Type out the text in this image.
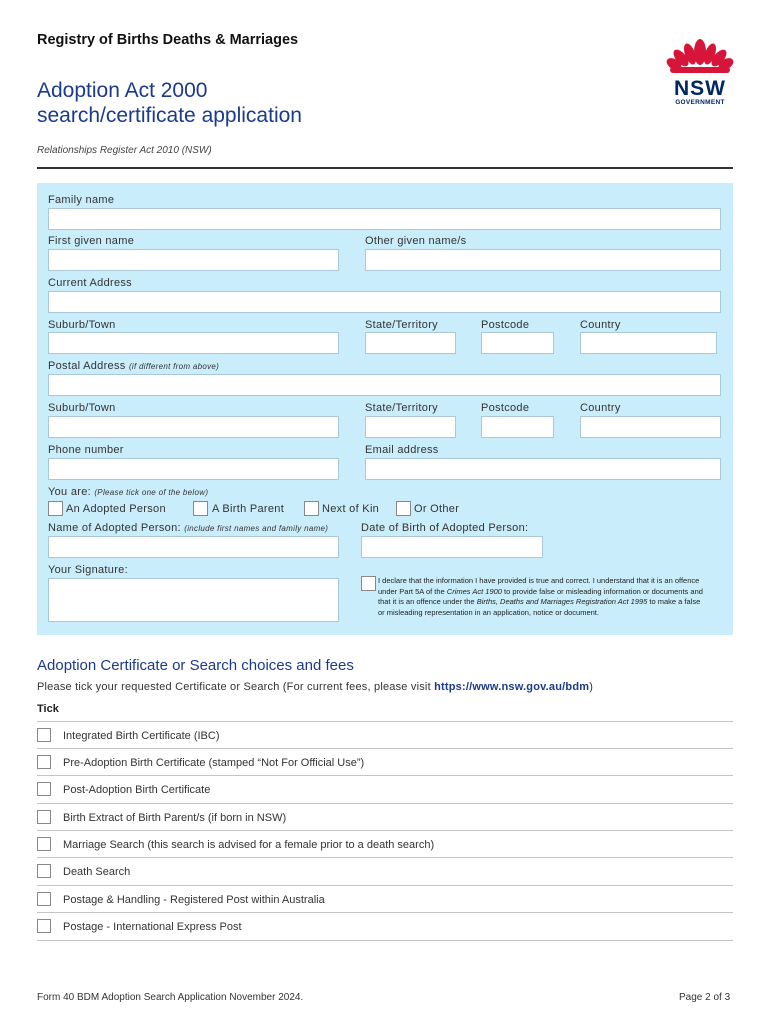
Registry of Births Deaths & Marriages
Adoption Act 2000
search/certificate application
Relationships Register Act 2010 (NSW)
NSW
GOVERNMENT
Family name
First given name	Other given name/s
Current Address
Suburb/Town	State/Territory	Postcode	Country
Postal Address (if different from above)
Suburb/Town	State/Territory	Postcode	Country
Phone number	Email address
You are: (Please tick one of the below)
An Adopted Person	A Birth Parent	Next of Kin	Or Other
Name of Adopted Person: (include first names and family name)	Date of Birth of Adopted Person:
Your Signature:
I declare that the information I have provided is true and correct. I understand that it is an offence under Part 5A of the Crimes Act 1900 to provide false or misleading information or documents and that it is an offence under the Births, Deaths and Marriages Registration Act 1995 to make a false or misleading representation in an application, notice or document.
Adoption Certificate or Search choices and fees
Please tick your requested Certificate or Search (For current fees, please visit https://www.nsw.gov.au/bdm)
Tick
Integrated Birth Certificate (IBC)
Pre-Adoption Birth Certificate (stamped “Not For Official Use”)
Post-Adoption Birth Certificate
Birth Extract of Birth Parent/s (if born in NSW)
Marriage Search (this search is advised for a female prior to a death search)
Death Search
Postage & Handling - Registered Post within Australia
Postage - International Express Post
Form 40 BDM Adoption Search Application November 2024.	Page 2 of 3
